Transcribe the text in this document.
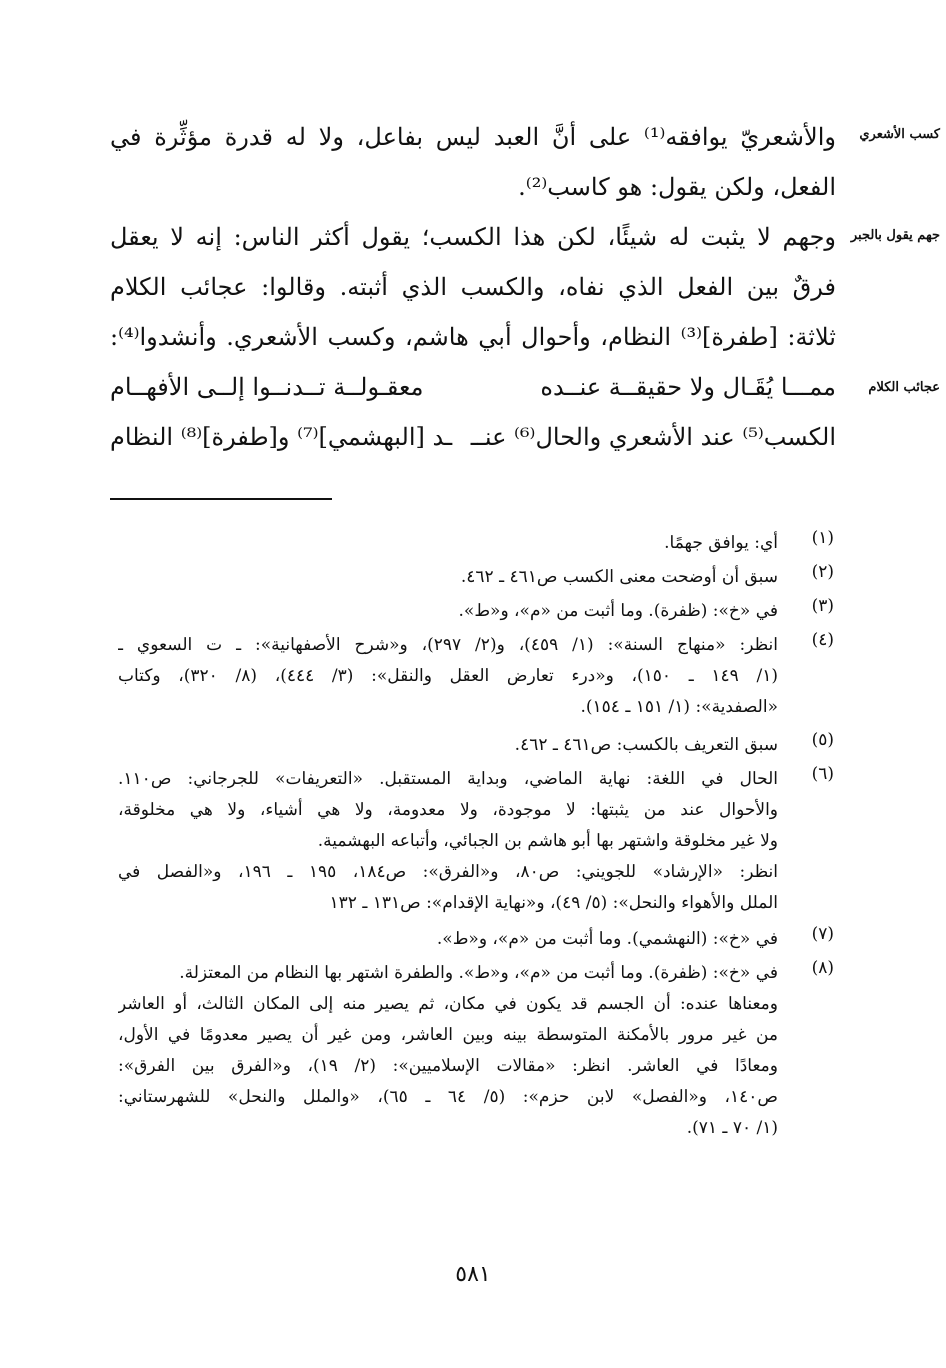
كسب الأشعري
جهم يقول بالجبر
عجائب الكلام
والأشعريّ يوافقه⁽¹⁾ على أنَّ العبد ليس بفاعل، ولا له قدرة مؤثِّرة في
الفعل، ولكن يقول: هو كاسب⁽²⁾.
وجهم لا يثبت له شيئًا، لكن هذا الكسب؛ يقول أكثر الناس: إنه لا يعقل
فرقٌ بين الفعل الذي نفاه، والكسب الذي أثبته. وقالوا: عجائب الكلام
ثلاثة: [طفرة]⁽³⁾ النظام، وأحوال أبي هاشم، وكسب الأشعري. وأنشدوا⁽⁴⁾:
ممـــا يُقَـال ولا حقيقــة عنــده
معقـولــة تــدنــوا إلــى الأفهــام
الكسب⁽⁵⁾ عند الأشعري والحال⁽⁶⁾ عنــ
ـد [البهشمي]⁽⁷⁾ و[طفرة]⁽⁸⁾ النظام
(١)

أي: يوافق جهمًا.

(٢)

سبق أن أوضحت معنى الكسب ص٤٦١ ـ ٤٦٢.

(٣)

في «خ»: (ظفرة). وما أثبت من «م»، و«ط».

(٤)

انظر: «منهاج السنة»: (١/ ٤٥٩)، و(٢/ ٢٩٧)، و«شرح الأصفهانية»: ـ ت السعوي ـ

(١/ ١٤٩ ـ ١٥٠)، و«درء تعارض العقل والنقل»: (٣/ ٤٤٤)، (٨/ ٣٢٠)، وكتاب

«الصفدية»: (١/ ١٥١ ـ ١٥٤).

(٥)

سبق التعريف بالكسب: ص٤٦١ ـ ٤٦٢.

(٦)

الحال في اللغة: نهاية الماضي، وبداية المستقبل. «التعريفات» للجرجاني: ص١١٠.

والأحوال عند من يثبتها: لا موجودة، ولا معدومة، ولا هي أشياء، ولا هي مخلوقة،

ولا غير مخلوقة واشتهر بها أبو هاشم بن الجبائي، وأتباعه البهشمية.

انظر: «الإرشاد» للجويني: ص٨٠، و«الفرق»: ص١٨٤، ١٩٥ ـ ١٩٦، و«الفصل في

الملل والأهواء والنحل»: (٥/ ٤٩)، و«نهاية الإقدام»: ص١٣١ ـ ١٣٢

(٧)

في «خ»: (النهشمي). وما أثبت من «م»، و«ط».

(٨)

في «خ»: (ظفرة). وما أثبت من «م»، و«ط». والطفرة اشتهر بها النظام من المعتزلة.

ومعناها عنده: أن الجسم قد يكون في مكان، ثم يصير منه إلى المكان الثالث، أو العاشر

من غير مرور بالأمكنة المتوسطة بينه وبين العاشر، ومن غير أن يصير معدومًا في الأول،

ومعادًا في العاشر. انظر: «مقالات الإسلاميين»: (٢/ ١٩)، و«الفرق بين الفرق»:

ص١٤٠، و«الفصل» لابن حزم»: (٥/ ٦٤ ـ ٦٥)، «والملل والنحل» للشهرستاني:

(١/ ٧٠ ـ ٧١).

٥٨١
